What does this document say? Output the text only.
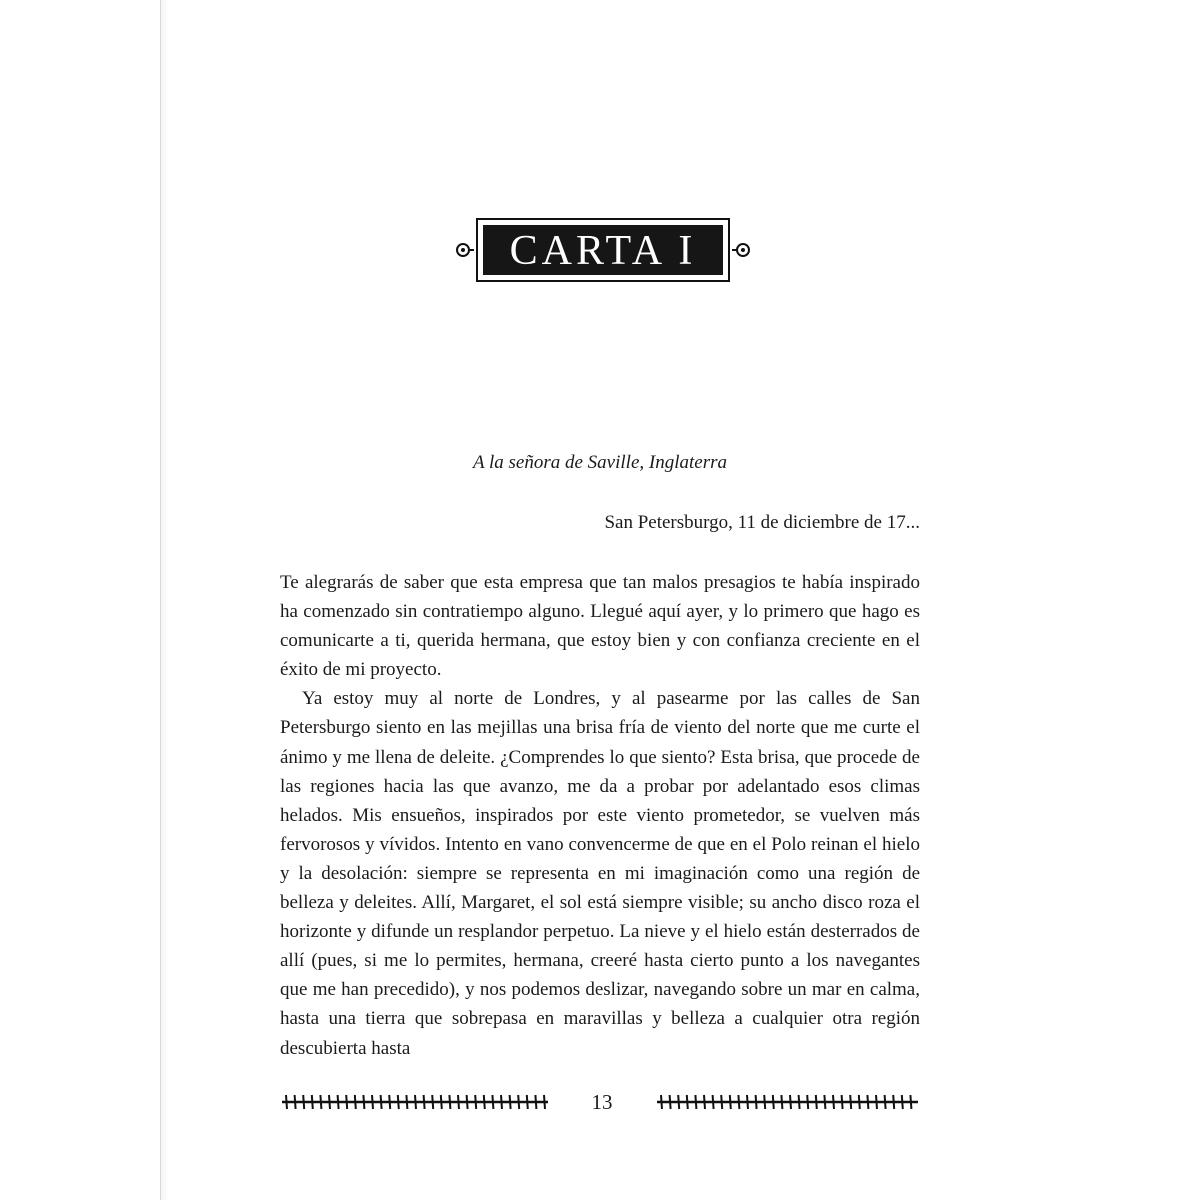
CARTA I
A la señora de Saville, Inglaterra
San Petersburgo, 11 de diciembre de 17...

Te alegrarás de saber que esta empresa que tan malos presagios te había inspirado ha comenzado sin contratiempo alguno. Llegué aquí ayer, y lo primero que hago es comunicarte a ti, querida hermana, que estoy bien y con confianza creciente en el éxito de mi proyecto.

Ya estoy muy al norte de Londres, y al pasearme por las calles de San Petersburgo siento en las mejillas una brisa fría de viento del norte que me curte el ánimo y me llena de deleite. ¿Comprendes lo que siento? Esta brisa, que procede de las regiones hacia las que avanzo, me da a probar por adelantado esos climas helados. Mis ensueños, inspirados por este viento prometedor, se vuelven más fervorosos y vívidos. Intento en vano convencerme de que en el Polo reinan el hielo y la desolación: siempre se representa en mi imaginación como una región de belleza y deleites. Allí, Margaret, el sol está siempre visible; su ancho disco roza el horizonte y difunde un resplandor perpetuo. La nieve y el hielo están desterrados de allí (pues, si me lo permites, hermana, creeré hasta cierto punto a los navegantes que me han precedido), y nos podemos deslizar, navegando sobre un mar en calma, hasta una tierra que sobrepasa en maravillas y belleza a cualquier otra región descubierta hasta

13
